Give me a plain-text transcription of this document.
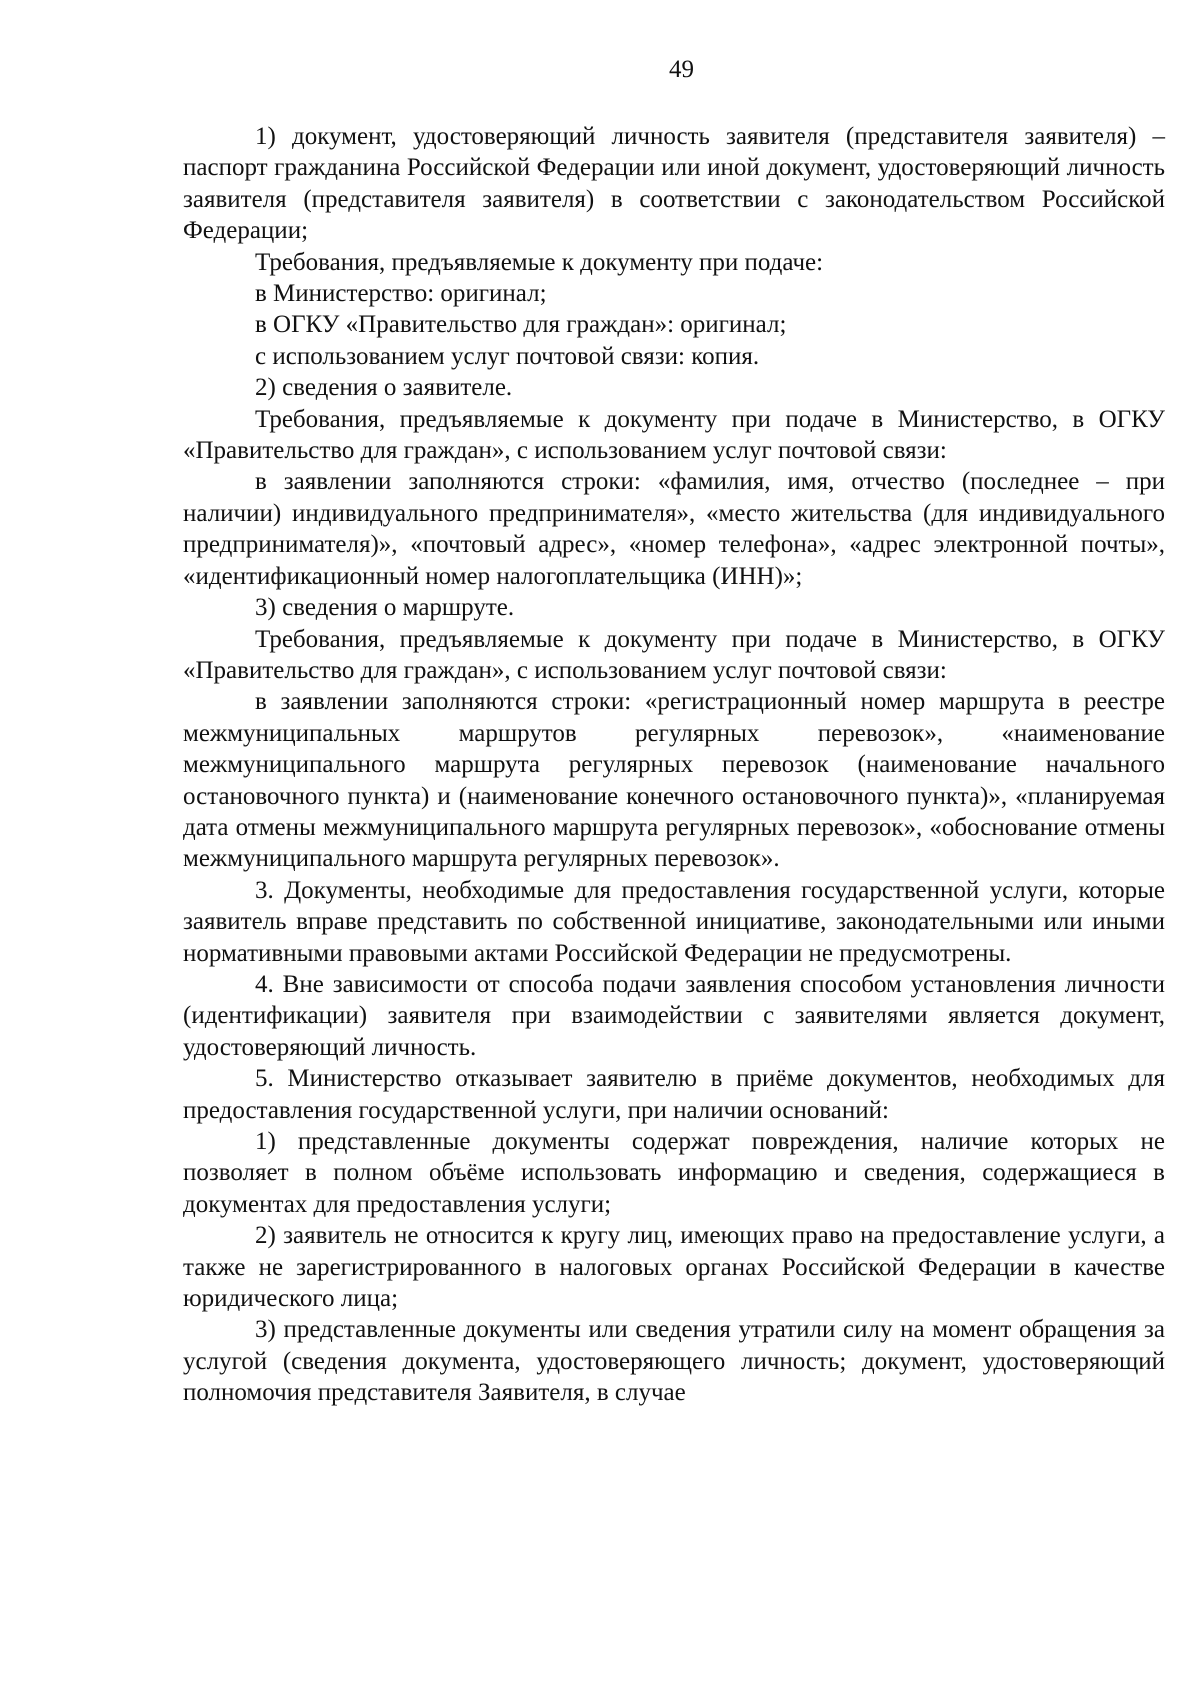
49

1) документ, удостоверяющий личность заявителя (представителя заявителя) – паспорт гражданина Российской Федерации или иной документ, удостоверяющий личность заявителя (представителя заявителя) в соответствии с законодательством Российской Федерации;

Требования, предъявляемые к документу при подаче:

в Министерство: оригинал;

в ОГКУ «Правительство для граждан»: оригинал;

с использованием услуг почтовой связи: копия.

2) сведения о заявителе.

Требования, предъявляемые к документу при подаче в Министерство, в ОГКУ «Правительство для граждан», с использованием услуг почтовой связи:

в заявлении заполняются строки: «фамилия, имя, отчество (последнее – при наличии) индивидуального предпринимателя», «место жительства (для индивидуального предпринимателя)», «почтовый адрес», «номер телефона», «адрес электронной почты», «идентификационный номер налогоплательщика (ИНН)»;

3) сведения о маршруте.

Требования, предъявляемые к документу при подаче в Министерство, в ОГКУ «Правительство для граждан», с использованием услуг почтовой связи:

в заявлении заполняются строки: «регистрационный номер маршрута в реестре межмуниципальных маршрутов регулярных перевозок», «наименование межмуниципального маршрута регулярных перевозок (наименование начального остановочного пункта) и (наименование конечного остановочного пункта)», «планируемая дата отмены межмуниципального маршрута регулярных перевозок», «обоснование отмены межмуниципального маршрута регулярных перевозок».

3. Документы, необходимые для предоставления государственной услуги, которые заявитель вправе представить по собственной инициативе, законодательными или иными нормативными правовыми актами Российской Федерации не предусмотрены.

4. Вне зависимости от способа подачи заявления способом установления личности (идентификации) заявителя при взаимодействии с заявителями является документ, удостоверяющий личность.

5. Министерство отказывает заявителю в приёме документов, необходимых для предоставления государственной услуги, при наличии оснований:

1) представленные документы содержат повреждения, наличие которых не позволяет в полном объёме использовать информацию и сведения, содержащиеся в документах для предоставления услуги;

2) заявитель не относится к кругу лиц, имеющих право на предоставление услуги, а также не зарегистрированного в налоговых органах Российской Федерации в качестве юридического лица;

3) представленные документы или сведения утратили силу на момент обращения за услугой (сведения документа, удостоверяющего личность; документ, удостоверяющий полномочия представителя Заявителя, в случае
